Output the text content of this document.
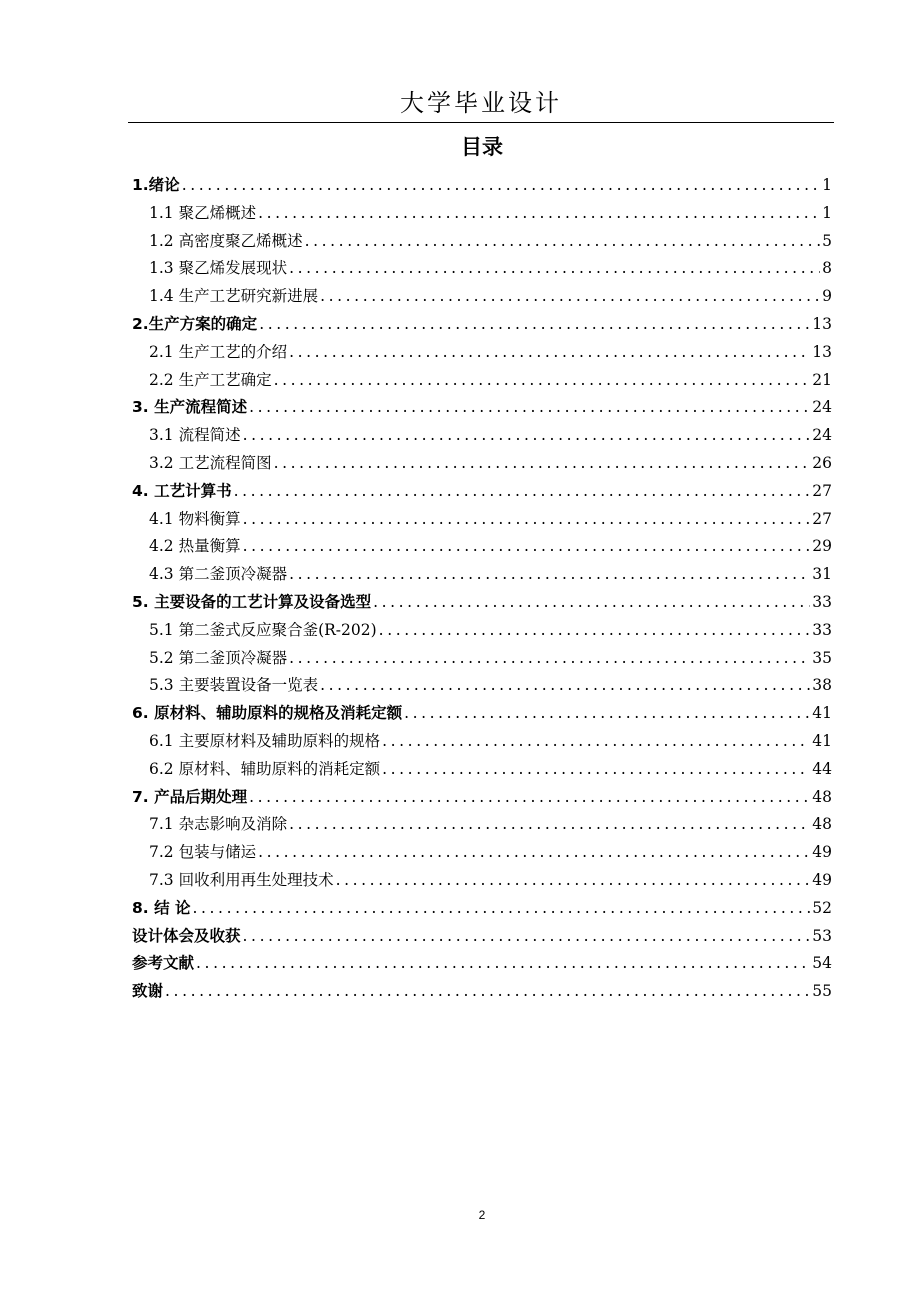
大学毕业设计
目录
1.绪论 .....	1
1.1 聚乙烯概述 .....	1
1.2 高密度聚乙烯概述 .....	5
1.3 聚乙烯发展现状 .....	8
1.4 生产工艺研究新进展 .....	9
2.生产方案的确定 .....	13
2.1 生产工艺的介绍 .....	13
2.2 生产工艺确定 .....	21
3. 生产流程简述 .....	24
3.1 流程简述 .....	24
3.2 工艺流程简图 .....	26
4. 工艺计算书 .....	27
4.1 物料衡算 .....	27
4.2 热量衡算 .....	29
4.3 第二釜顶冷凝器 .....	31
5. 主要设备的工艺计算及设备选型 .....	33
5.1 第二釜式反应聚合釜(R-202) .....	33
5.2 第二釜顶冷凝器 .....	35
5.3 主要装置设备一览表 .....	38
6. 原材料、辅助原料的规格及消耗定额 .....	41
6.1 主要原材料及辅助原料的规格 .....	41
6.2 原材料、辅助原料的消耗定额 .....	44
7. 产品后期处理 .....	48
7.1 杂志影响及消除 .....	48
7.2 包装与储运 .....	49
7.3 回收利用再生处理技术 .....	49
8. 结 论 .....	52
设计体会及收获 .....	53
参考文献 .....	54
致谢 .....	55
2
